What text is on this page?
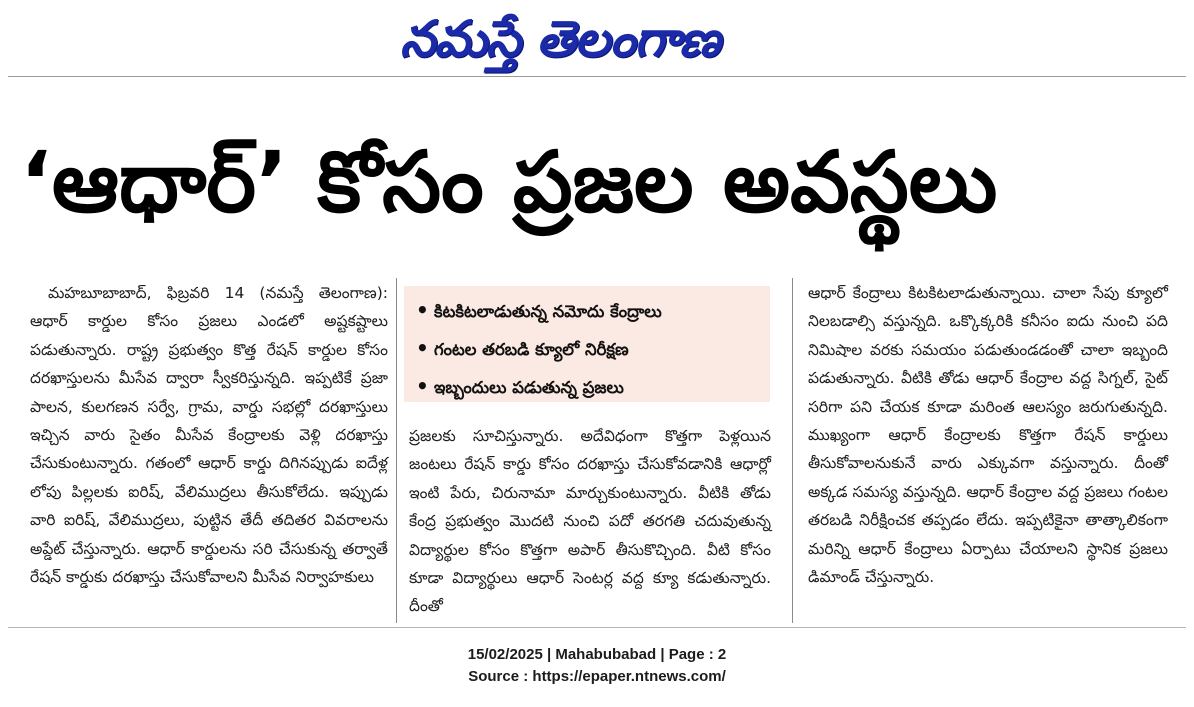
నమస్తే తెలంగాణ
‘ఆధార్’ కోసం ప్రజల అవస్థలు

మహబూబాబాద్, ఫిబ్రవరి 14 (నమస్తే తెలంగాణ): ఆధార్ కార్డుల కోసం ప్రజలు ఎండలో అష్టకష్టాలు పడుతున్నారు. రాష్ట్ర ప్రభుత్వం కొత్త రేషన్ కార్డుల కోసం దరఖాస్తులను మీసేవ ద్వారా స్వీకరిస్తున్నది. ఇప్పటికే ప్రజా పాలన, కులగణన సర్వే, గ్రామ, వార్డు సభల్లో దరఖాస్తులు ఇచ్చిన వారు సైతం మీసేవ కేంద్రాలకు వెళ్లి దరఖాస్తు చేసుకుంటున్నారు. గతంలో ఆధార్ కార్డు దిగినప్పుడు ఐదేళ్ల లోపు పిల్లలకు ఐరిష్, వేలిముద్రలు తీసుకోలేదు. ఇప్పుడు వారి ఐరిష్, వేలిముద్రలు, పుట్టిన తేదీ తదితర వివరాలను అప్డేట్ చేస్తున్నారు. ఆధార్ కార్డులను సరి చేసుకున్న తర్వాతే రేషన్ కార్డుకు దరఖాస్తు చేసుకోవాలని మీసేవ నిర్వాహకులు

• కిటకిటలాడుతున్న నమోదు కేంద్రాలు
• గంటల తరబడి క్యూలో నిరీక్షణ
• ఇబ్బందులు పడుతున్న ప్రజలు

ప్రజలకు సూచిస్తున్నారు. అదేవిధంగా కొత్తగా పెళ్లయిన జంటలు రేషన్ కార్డు కోసం దరఖాస్తు చేసుకోవడానికి ఆధార్లో ఇంటి పేరు, చిరునామా మార్చుకుంటున్నారు. వీటికి తోడు కేంద్ర ప్రభుత్వం మొదటి నుంచి పదో తరగతి చదువుతున్న విద్యార్థుల కోసం కొత్తగా అపార్ తీసుకొచ్చింది. వీటి కోసం కూడా విద్యార్థులు ఆధార్ సెంటర్ల వద్ద క్యూ కడుతున్నారు. దీంతో

ఆధార్ కేంద్రాలు కిటకిటలాడుతున్నాయి. చాలా సేపు క్యూలో నిలబడాల్సి వస్తున్నది. ఒక్కొక్కరికి కనీసం ఐదు నుంచి పది నిమిషాల వరకు సమయం పడుతుండడంతో చాలా ఇబ్బంది పడుతున్నారు. వీటికి తోడు ఆధార్ కేంద్రాల వద్ద సిగ్నల్, సైట్ సరిగా పని చేయక కూడా మరింత ఆలస్యం జరుగుతున్నది. ముఖ్యంగా ఆధార్ కేంద్రాలకు కొత్తగా రేషన్ కార్డులు తీసుకోవాలనుకునే వారు ఎక్కువగా వస్తున్నారు. దీంతో అక్కడ సమస్య వస్తున్నది. ఆధార్ కేంద్రాల వద్ద ప్రజలు గంటల తరబడి నిరీక్షించక తప్పడం లేదు. ఇప్పటికైనా తాత్కాలికంగా మరిన్ని ఆధార్ కేంద్రాలు ఏర్పాటు చేయాలని స్థానిక ప్రజలు డిమాండ్ చేస్తున్నారు.

15/02/2025 | Mahabubabad | Page : 2
Source : https://epaper.ntnews.com/
